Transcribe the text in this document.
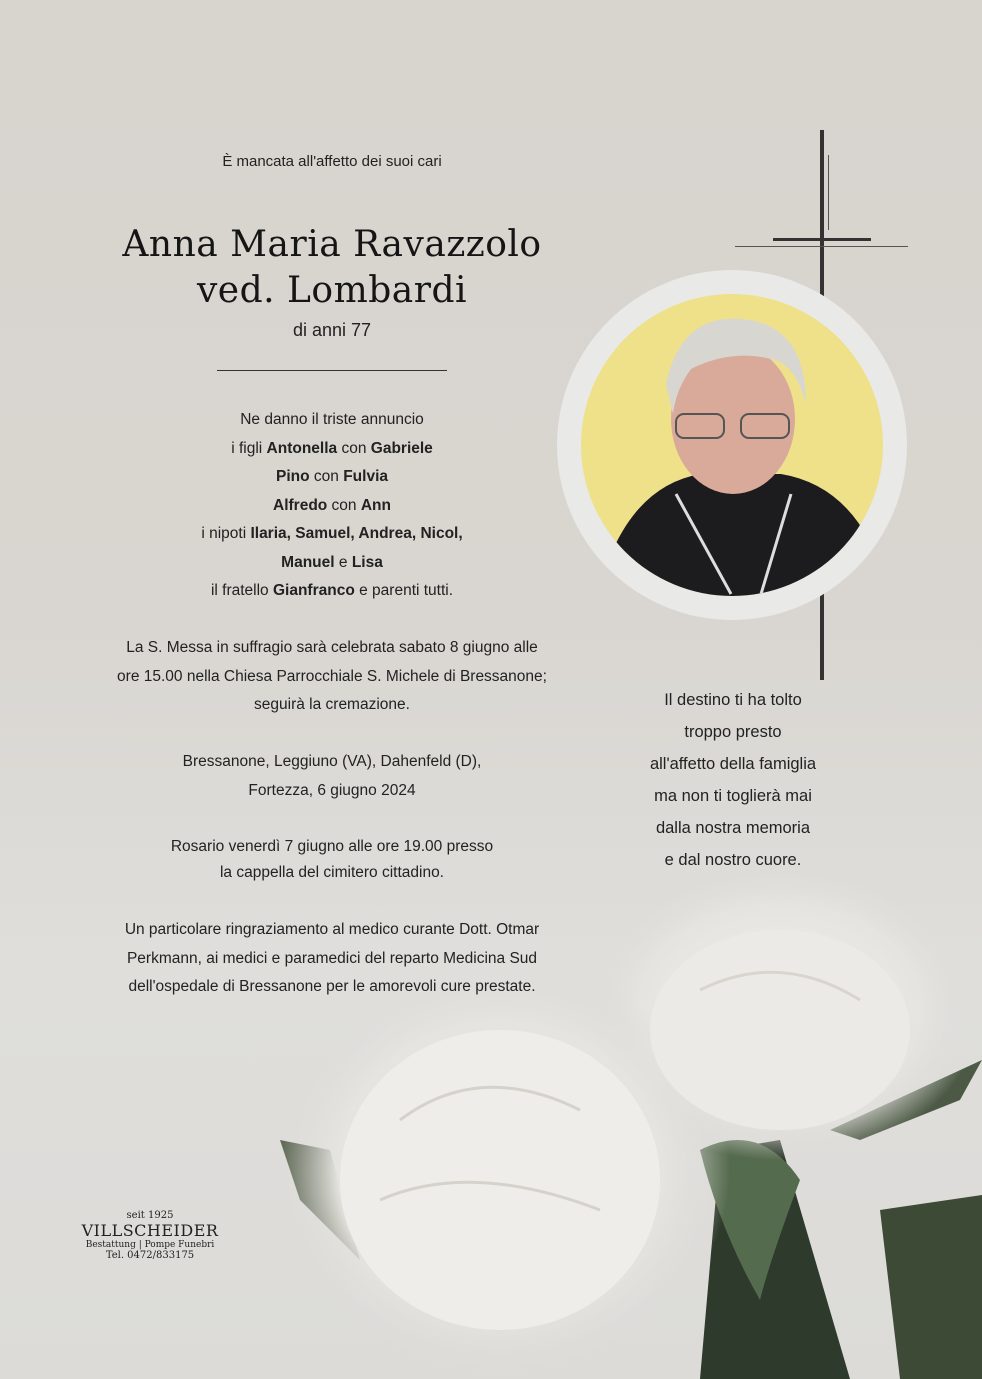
È mancata all'affetto dei suoi cari
Anna Maria Ravazzolo
ved. Lombardi
di anni 77
Ne danno il triste annuncio
i figli Antonella con Gabriele
Pino con Fulvia
Alfredo con Ann
i nipoti Ilaria, Samuel, Andrea, Nicol,
Manuel e Lisa
il fratello Gianfranco e parenti tutti.
La S. Messa in suffragio sarà celebrata sabato 8 giugno alle
ore 15.00 nella Chiesa Parrocchiale S. Michele di Bressanone;
seguirà la cremazione.
Bressanone, Leggiuno (VA), Dahenfeld (D),
Fortezza, 6 giugno 2024
Rosario venerdì 7 giugno alle ore 19.00 presso
la cappella del cimitero cittadino.
Un particolare ringraziamento al medico curante Dott. Otmar
Perkmann, ai medici e paramedici del reparto Medicina Sud
dell'ospedale di Bressanone per le amorevoli cure prestate.
Il destino ti ha tolto
troppo presto
all'affetto della famiglia
ma non ti toglierà mai
dalla nostra memoria
e dal nostro cuore.
seit 1925
VILLSCHEIDER
Bestattung | Pompe Funebri
Tel. 0472/833175
